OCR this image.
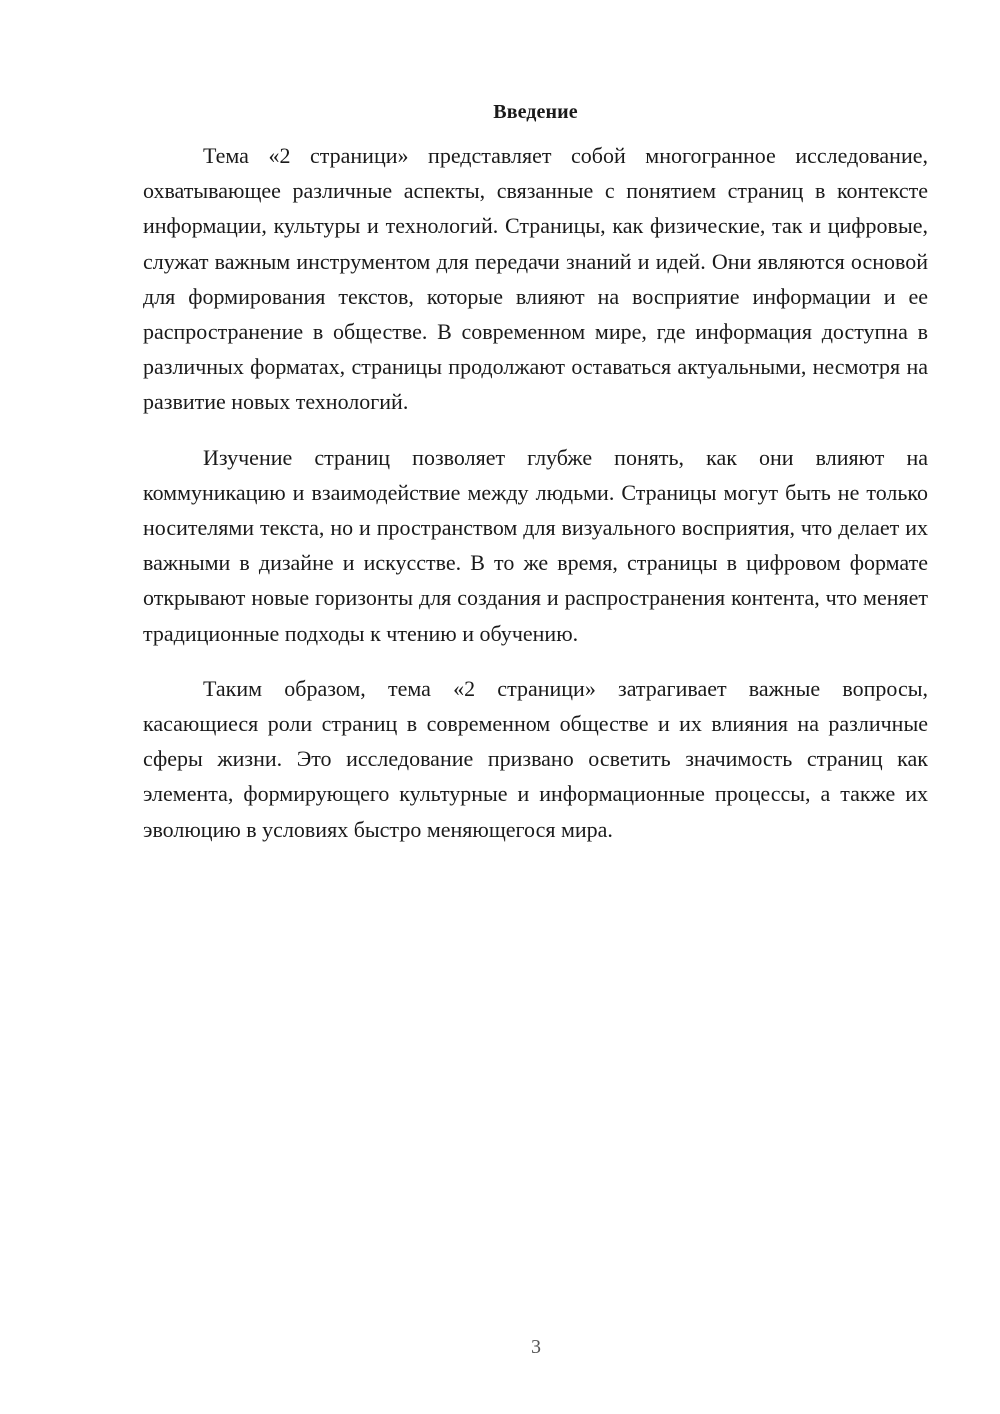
Введение

Тема «2 страници» представляет собой многогранное исследование, охватывающее различные аспекты, связанные с понятием страниц в контексте информации, культуры и технологий. Страницы, как физические, так и цифровые, служат важным инструментом для передачи знаний и идей. Они являются основой для формирования текстов, которые влияют на восприятие информации и ее распространение в обществе. В современном мире, где информация доступна в различных форматах, страницы продолжают оставаться актуальными, несмотря на развитие новых технологий.

Изучение страниц позволяет глубже понять, как они влияют на коммуникацию и взаимодействие между людьми. Страницы могут быть не только носителями текста, но и пространством для визуального восприятия, что делает их важными в дизайне и искусстве. В то же время, страницы в цифровом формате открывают новые горизонты для создания и распространения контента, что меняет традиционные подходы к чтению и обучению.

Таким образом, тема «2 страници» затрагивает важные вопросы, касающиеся роли страниц в современном обществе и их влияния на различные сферы жизни. Это исследование призвано осветить значимость страниц как элемента, формирующего культурные и информационные процессы, а также их эволюцию в условиях быстро меняющегося мира.

3
